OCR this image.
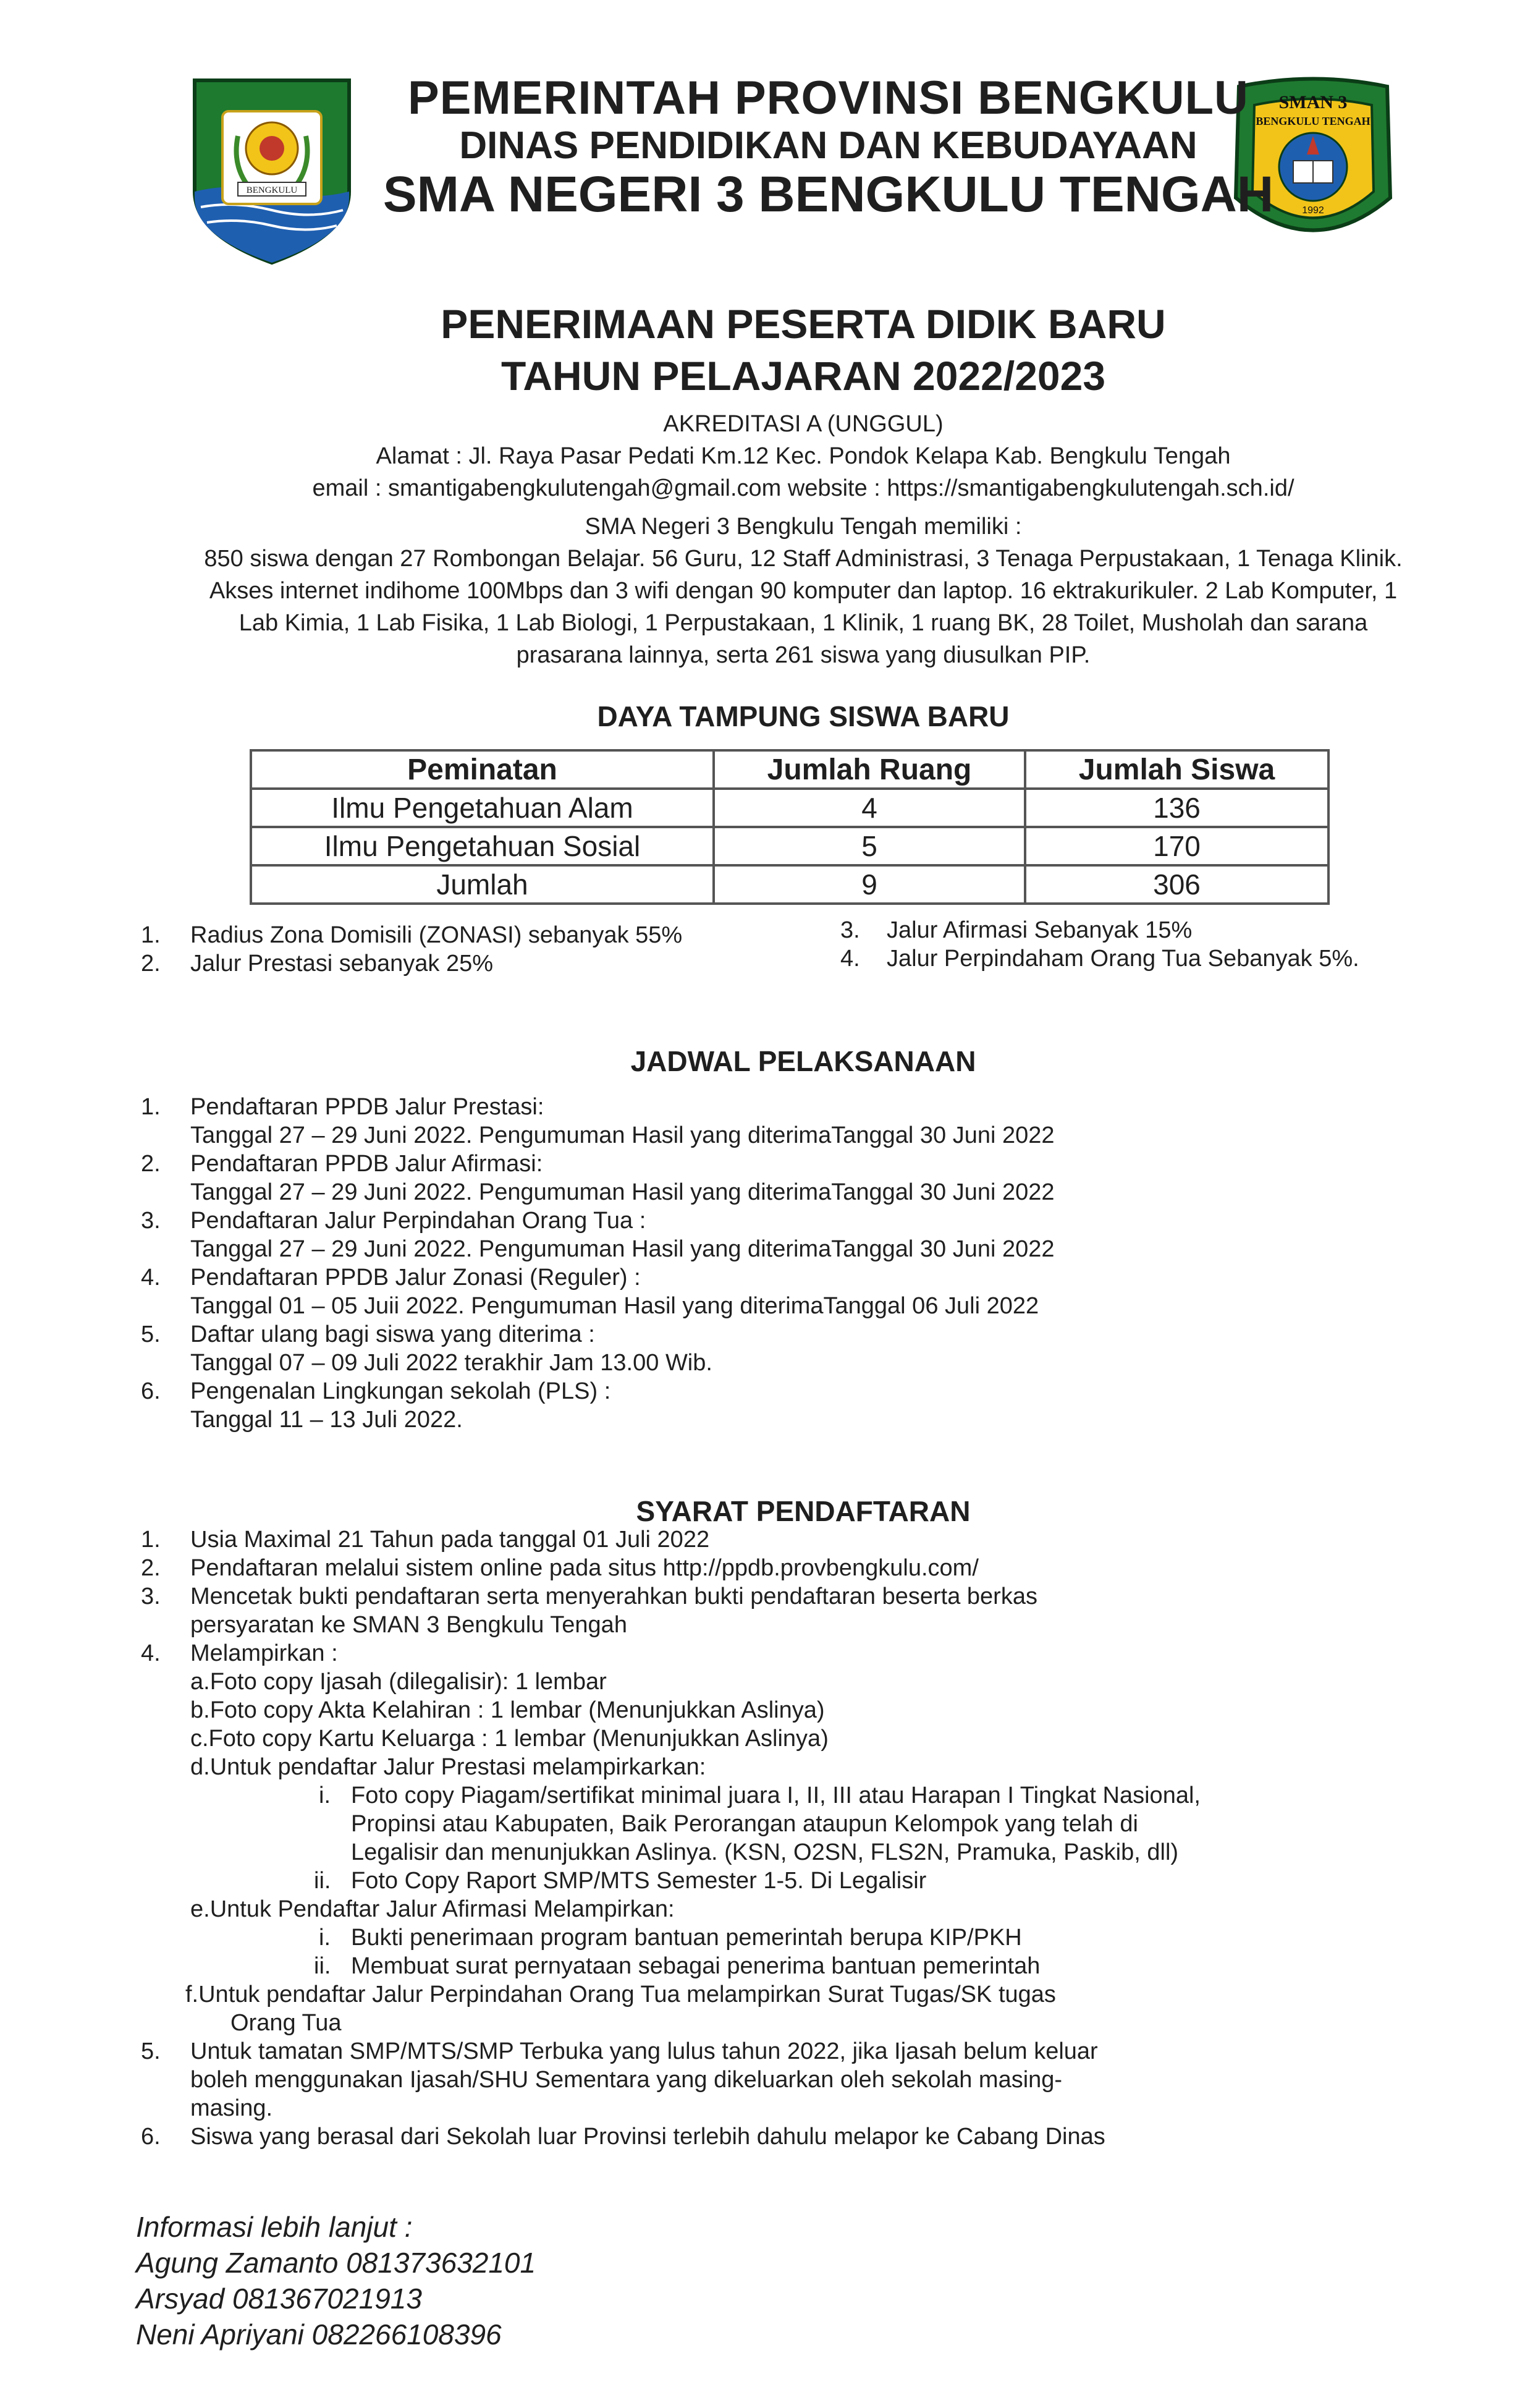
BENGKULU
SMAN 3
BENGKULU TENGAH
1992
PEMERINTAH PROVINSI BENGKULU
DINAS PENDIDIKAN DAN KEBUDAYAAN
SMA NEGERI 3 BENGKULU TENGAH
PENERIMAAN PESERTA DIDIK BARU
TAHUN PELAJARAN 2022/2023

AKREDITASI A (UNGGUL)

Alamat : Jl. Raya Pasar Pedati Km.12 Kec. Pondok Kelapa Kab. Bengkulu Tengah

email : smantigabengkulutengah@gmail.com website : https://smantigabengkulutengah.sch.id/

SMA Negeri 3 Bengkulu Tengah memiliki :

850 siswa dengan 27 Rombongan Belajar. 56 Guru, 12 Staff Administrasi, 3 Tenaga Perpustakaan, 1 Tenaga Klinik.

Akses internet indihome 100Mbps dan 3 wifi dengan 90 komputer dan laptop. 16 ektrakurikuler. 2 Lab Komputer, 1

Lab Kimia, 1 Lab Fisika, 1 Lab Biologi, 1 Perpustakaan, 1 Klinik, 1 ruang BK, 28 Toilet, Musholah dan sarana

prasarana lainnya, serta 261 siswa yang diusulkan PIP.

DAYA TAMPUNG SISWA BARU
Peminatan	Jumlah Ruang	Jumlah Siswa
Ilmu Pengetahuan Alam	4	136
Ilmu Pengetahuan Sosial	5	170
Jumlah	9	306
1. Radius Zona Domisili (ZONASI) sebanyak 55%
2. Jalur Prestasi sebanyak 25%
3. Jalur Afirmasi Sebanyak 15%
4. Jalur Perpindaham Orang Tua Sebanyak 5%.
JADWAL PELAKSANAAN
1. Pendaftaran PPDB Jalur Prestasi:
Tanggal 27 – 29 Juni 2022. Pengumuman Hasil yang diterimaTanggal 30 Juni 2022
2. Pendaftaran PPDB Jalur Afirmasi:
Tanggal 27 – 29 Juni 2022. Pengumuman Hasil yang diterimaTanggal 30 Juni 2022
3. Pendaftaran Jalur Perpindahan Orang Tua :
Tanggal 27 – 29 Juni 2022. Pengumuman Hasil yang diterimaTanggal 30 Juni 2022
4. Pendaftaran PPDB Jalur Zonasi (Reguler) :
Tanggal 01 – 05 Juii 2022. Pengumuman Hasil yang diterimaTanggal 06 Juli 2022
5. Daftar ulang bagi siswa yang diterima :
Tanggal 07 – 09 Juli 2022 terakhir Jam 13.00 Wib.
6. Pengenalan Lingkungan sekolah (PLS) :
Tanggal 11 – 13 Juli 2022.
SYARAT PENDAFTARAN
1. Usia Maximal 21 Tahun pada tanggal 01 Juli 2022
2. Pendaftaran melalui sistem online pada situs http://ppdb.provbengkulu.com/
3. Mencetak bukti pendaftaran serta menyerahkan bukti pendaftaran beserta berkas
persyaratan ke SMAN 3 Bengkulu Tengah
4. Melampirkan :
a.Foto copy Ijasah (dilegalisir): 1 lembar
b.Foto copy Akta Kelahiran : 1 lembar (Menunjukkan Aslinya)
c.Foto copy Kartu Keluarga : 1 lembar (Menunjukkan Aslinya)
d.Untuk pendaftar Jalur Prestasi melampirkarkan:
i. Foto copy Piagam/sertifikat minimal juara I, II, III atau Harapan I Tingkat Nasional,
Propinsi atau Kabupaten, Baik Perorangan ataupun Kelompok yang telah di
Legalisir dan menunjukkan Aslinya. (KSN, O2SN, FLS2N, Pramuka, Paskib, dll)
ii. Foto Copy Raport SMP/MTS Semester 1-5. Di Legalisir
e.Untuk Pendaftar Jalur Afirmasi Melampirkan:
i. Bukti penerimaan program bantuan pemerintah berupa KIP/PKH
ii. Membuat surat pernyataan sebagai penerima bantuan pemerintah
f.Untuk pendaftar Jalur Perpindahan Orang Tua melampirkan Surat Tugas/SK tugas
Orang Tua
5. Untuk tamatan SMP/MTS/SMP Terbuka yang lulus tahun 2022, jika Ijasah belum keluar
boleh menggunakan Ijasah/SHU Sementara yang dikeluarkan oleh sekolah masing-
masing.
6. Siswa yang berasal dari Sekolah luar Provinsi terlebih dahulu melapor ke Cabang Dinas
Informasi lebih lanjut :
Agung Zamanto 081373632101
Arsyad 081367021913
Neni Apriyani 082266108396
